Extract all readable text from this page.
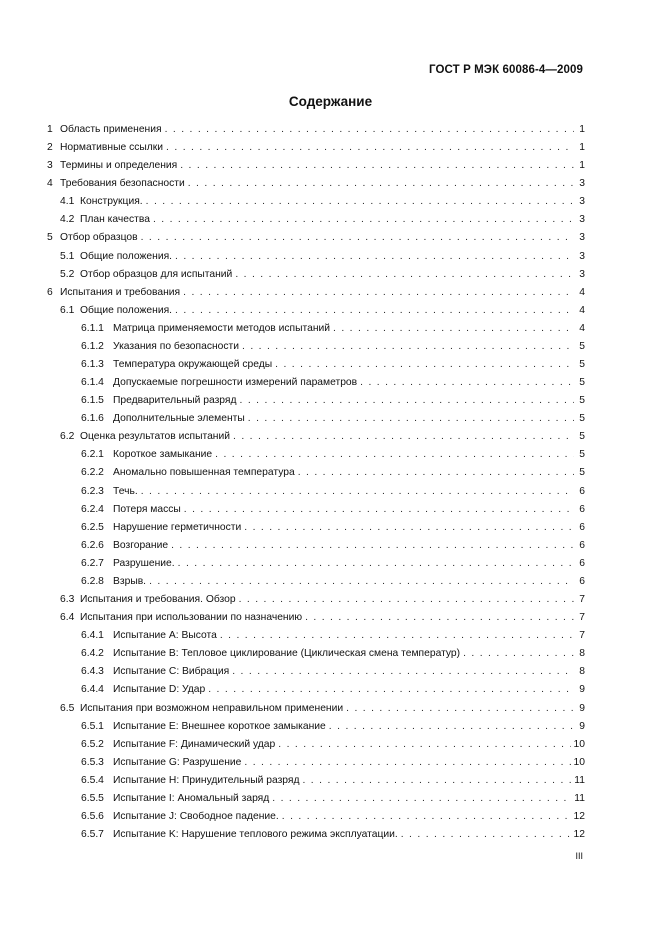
ГОСТ Р МЭК 60086-4—2009
Содержание
1 Область применения . . .	1
2 Нормативные ссылки . . .	1
3 Термины и определения . . .	1
4 Требования безопасности . . .	3
4.1 Конструкция. . . .	3
4.2 План качества . . .	3
5 Отбор образцов . . .	3
5.1 Общие положения. . . .	3
5.2 Отбор образцов для испытаний . . .	3
6 Испытания и требования . . .	4
6.1 Общие положения. . . .	4
6.1.1 Матрица применяемости методов испытаний . . .	4
6.1.2 Указания по безопасности . . .	5
6.1.3 Температура окружающей среды . . .	5
6.1.4 Допускаемые погрешности измерений параметров . . .	5
6.1.5 Предварительный разряд . . .	5
6.1.6 Дополнительные элементы . . .	5
6.2 Оценка результатов испытаний . . .	5
6.2.1 Короткое замыкание . . .	5
6.2.2 Аномально повышенная температура . . .	5
6.2.3 Течь. . . .	6
6.2.4 Потеря массы . . .	6
6.2.5 Нарушение герметичности . . .	6
6.2.6 Возгорание . . .	6
6.2.7 Разрушение. . . .	6
6.2.8 Взрыв. . . .	6
6.3 Испытания и требования. Обзор . . .	7
6.4 Испытания при использовании по назначению . . .	7
6.4.1 Испытание А: Высота . . .	7
6.4.2 Испытание В: Тепловое циклирование (Циклическая смена температур) . . .	8
6.4.3 Испытание С: Вибрация . . .	8
6.4.4 Испытание D: Удар . . .	9
6.5 Испытания при возможном неправильном применении . . .	9
6.5.1 Испытание Е: Внешнее короткое замыкание . . .	9
6.5.2 Испытание F: Динамический удар . . .	10
6.5.3 Испытание G: Разрушение . . .	10
6.5.4 Испытание Н: Принудительный разряд . . .	11
6.5.5 Испытание I: Аномальный заряд . . .	11
6.5.6 Испытание J: Свободное падение. . . .	12
6.5.7 Испытание K: Нарушение теплового режима эксплуатации. . . .	12
III
